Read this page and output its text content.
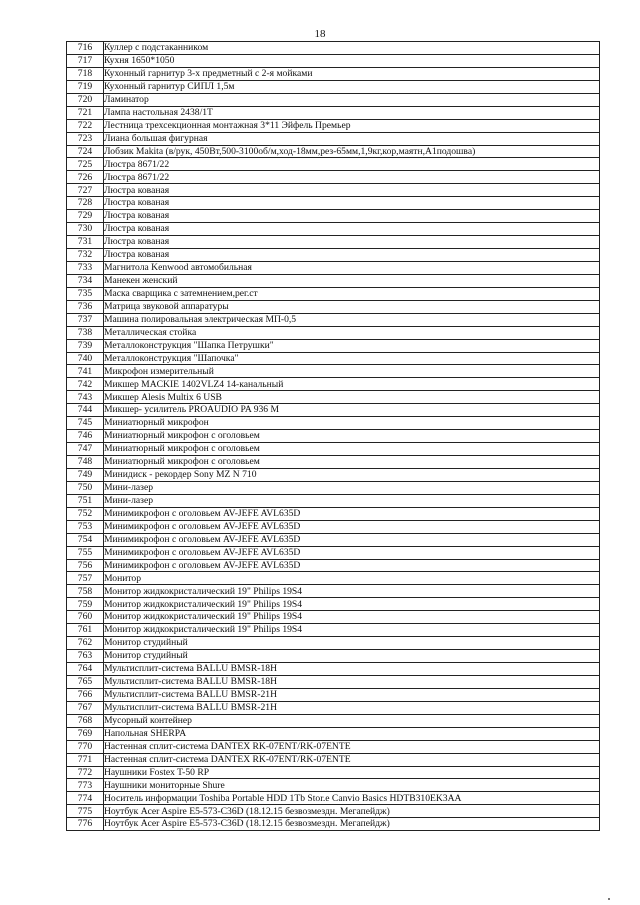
18
716	Куллер с подстаканником
717	Кухня 1650*1050
718	Кухонный гарнитур 3-х предметный с 2-я мойками
719	Кухонный гарнитур СИПЛ 1,5м
720	Ламинатор
721	Лампа настольная 2438/1Т
722	Лестница трехсекционная монтажная 3*11 Эйфель Премьер
723	Лиана большая фигурная
724	Лобзик Makita (в/рук, 450Вт,500-3100об/м,ход-18мм,рез-65мм,1,9кг,кор,маятн,А1подошва)
725	Люстра 8671/22
726	Люстра 8671/22
727	Люстра кованая
728	Люстра кованая
729	Люстра кованая
730	Люстра кованая
731	Люстра кованая
732	Люстра кованая
733	Магнитола Kenwood автомобильная
734	Манекен женский
735	Маска сварщика с затемнением,рег.ст
736	Матрица звуковой аппаратуры
737	Машина полировальная электрическая МП-0,5
738	Металлическая стойка
739	Металлоконструкция "Шапка Петрушки"
740	Металлоконструкция "Шапочка"
741	Микрофон измерительный
742	Микшер MACKIE 1402VLZ4 14-канальный
743	Микшер Alesis Multix 6 USB
744	Микшер- усилитель PROAUDIO PA 936 M
745	Миниатюрный микрофон
746	Миниатюрный микрофон с оголовьем
747	Миниатюрный микрофон с оголовьем
748	Миниатюрный микрофон с оголовьем
749	Минидиск - рекордер Sony MZ N 710
750	Мини-лазер
751	Мини-лазер
752	Минимикрофон с оголовьем AV-JEFE AVL635D
753	Минимикрофон с оголовьем AV-JEFE AVL635D
754	Минимикрофон с оголовьем AV-JEFE AVL635D
755	Минимикрофон с оголовьем AV-JEFE AVL635D
756	Минимикрофон с оголовьем AV-JEFE AVL635D
757	Монитор
758	Монитор жидкокристалический 19" Philips 19S4
759	Монитор жидкокристалический 19" Philips 19S4
760	Монитор жидкокристалический 19" Philips 19S4
761	Монитор жидкокристалический 19" Philips 19S4
762	Монитор студийный
763	Монитор студийный
764	Мультисплит-система BALLU BMSR-18H
765	Мультисплит-система BALLU BMSR-18H
766	Мультисплит-система BALLU BMSR-21H
767	Мультисплит-система BALLU BMSR-21H
768	Мусорный контейнер
769	Напольная SHERPA
770	Настенная сплит-система DANTEX RK-07ENT/RK-07ENTE
771	Настенная сплит-система DANTEX RK-07ENT/RK-07ENTE
772	Наушники Fostex T-50 RP
773	Наушники мониторные Shure
774	Носитель информации Toshiba Portable HDD 1Tb Stor.e Canvio Basics HDTB310EK3AA
775	Ноутбук Acer Aspire E5-573-C36D (18.12.15 безвозмездн. Мегапейдж)
776	Ноутбук Acer Aspire E5-573-C36D (18.12.15 безвозмездн. Мегапейдж)
